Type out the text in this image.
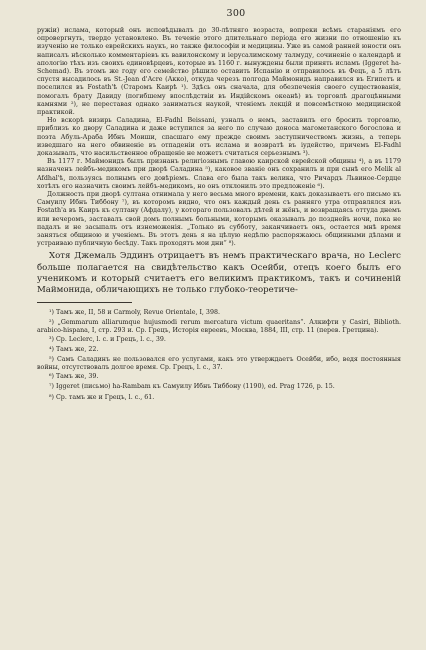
300

ружіи) ислама, который онъ исповѣдывалъ до 30-лѣтняго возраста, вопреки всѣмъ стараніямъ его опровергнуть, твердо установлено. Въ теченіе этого длительнаго періода его жизни по отношенію къ изученію не только еврейскихъ наукъ, но также философіи и медицины. Уже въ самой ранней юности онъ написалъ нѣсколько комментаріевъ къ вавилонскому и іерусалимскому талмуду, сочиненіе о календарѣ и апологію тѣхъ изъ своихъ единовѣрцевъ, которые въ 1160 г. вынуждены были принять исламъ (Iggeret ha-Schemad). Въ этомъ же году его семейство рѣшило оставить Испанію и отправилось въ Фецъ, а 5 лѣтъ спустя высадилось въ St.-Jean d'Acre (Акко), откуда черезъ полгода Маймонидъ направился въ Египетъ и поселился въ Fostath'ѣ (Старомъ Каирѣ ¹). Здѣсь онъ сначала, для обезпеченія своего существованія, помогалъ брату Давиду (погибшему впослѣдствіи въ Индійскомъ океанѣ) въ торговлѣ драгоцѣнными камнями ²), не переставая однако заниматься наукой, чтеніемъ лекцій и повсемѣстною медицинской практикой.

Но вскорѣ визирь Саладина, El-Fadhl Beissani, узналъ о немъ, заставилъ его бросить торговлю, приблизъ ко двору Саладина и даже вступился за него по случаю доноса магометанского богослова и поэта Абуль-Араба Ибнъ Моиши, спасшаго ему прежде своимъ заступничествомъ жизнь, а теперь изведшаго на него обвиненіе въ отпаденіи отъ ислама и возвратѣ въ іудейство, причемъ El-Fadhl доказывалъ, что насильственное обращеніе не можетъ считаться серьезнымъ ³).

Въ 1177 г. Маймонидъ былъ признанъ религіознымъ главою каирской еврейской общины ⁴), а въ 1179 назначенъ лейбъ-медикомъ при дворѣ Саладина ⁵), каковое званіе онъ сохранилъ и при сынѣ его Melik al Afdhal'ѣ, пользуясь полнымъ его довѣріемъ. Слава его была такъ велика, что Ричардъ Львиное-Сердце хотѣлъ его назначить своимъ лейбъ-медикомъ, но онъ отклонилъ это предложеніе ⁶).

Должность при дворѣ султана отнимала у него весьма много времени, какъ доказываетъ его письмо къ Самуилу Ибнъ Тиббону ⁷), въ которомъ видно, что онъ каждый день съ ранняго утра отправлялся изъ Fostath'а въ Каиръ къ султану (Афдалу), у котораго пользовалъ дѣтей и жёнъ, и возвращаясь оттуда днемъ или вечеромъ, заставалъ свой домъ полнымъ больными, которымъ оказывалъ до позднейъ ночи, пока не падалъ и не засыпалъ отъ изнеможенія. „Только въ субботу, заканчиваетъ онъ, остается мнѣ время заняться общиною и ученіемъ. Въ этотъ день я на цѣлую недѣлю распоряжаюсь общинными дѣлами и устраиваю публичную бесѣду. Такъ проходятъ мои дни“ ⁸).

Хотя Джемаль Эддинъ отрицаетъ въ немъ практическаго врача, но Leclerc больше полагается на свидѣтельство какъ Осейби, отецъ коего былъ его ученикомъ и который считаетъ его великимъ практикомъ, такъ и сочиненій Маймонида, обличающихъ не только глубоко-теоретиче-

¹) Тамъ же, II, 58 и Carmoly, Revue Orientale, I, 398.

²) „Gemmarum alliarumque hujusmodi rerum mercatura victum quaeritans“. Алкифти у Casiri, Biblioth. arabico-hispana, I, стр. 293 и. Ср. Грецъ, Исторія евреевъ, Москва, 1884, III, стр. 11 (перев. Гретцина).

³) Ср. Leclerc, l. c. и Грецъ, l. c., 39.

⁴) Тамъ же, 22.

⁵) Самъ Саладинъ не пользовался его услугами, какъ это утверждаетъ Осейби, ибо, ведя постоянныя войны, отсутствовалъ долгое время. Ср. Грецъ, l. c., 37.

⁶) Тамъ же, 39.

⁷) Iggeret (письмо) ha-Rambam къ Самуилу Ибнъ Тиббону (1190), ed. Prag 1726, p. 15.

⁸) Ср. тамъ же и Грецъ, l. c., 61.
